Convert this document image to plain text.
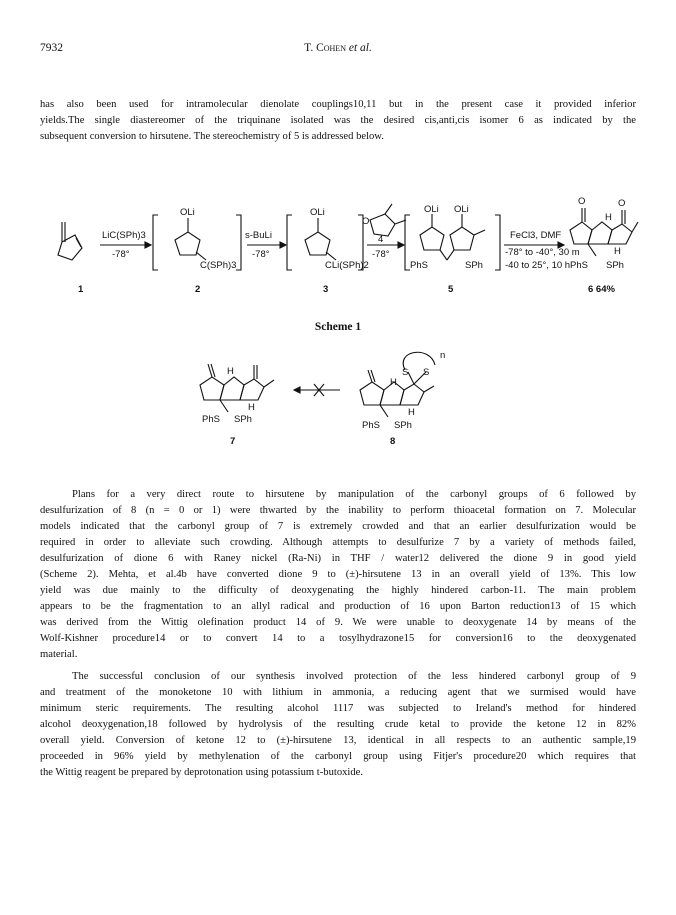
7932	T. Cohen et al.

has also been used for intramolecular dienolate couplings10,11 but in the present case it provided inferior
yields.The single diastereomer of the triquinane isolated was the desired cis,anti,cis isomer 6 as indicated by the
subsequent conversion to hirsutene. The stereochemistry of 5 is addressed below.

LiC(SPh)3
-78°
OLi
C(SPh)3
s-BuLi
-78°
OLi
CLi(SPh)2
O
4
-78°
OLi OLi
PhS	SPh
FeCl3, DMF
-78° to -40°, 30 m
-40 to 25°, 10 h
O	O
H
H
PhS SPh
1	2	3	5	6 64%
Scheme 1
H
H
PhS SPh
S S
n
H
H
PhS SPh
7	8

Plans for a very direct route to hirsutene by manipulation of the carbonyl groups of 6 followed by
desulfurization of 8 (n = 0 or 1) were thwarted by the inability to perform thioacetal formation on 7. Molecular
models indicated that the carbonyl group of 7 is extremely crowded and that an earlier desulfurization would be
required in order to alleviate such crowding. Although attempts to desulfurize 7 by a variety of methods failed,
desulfurization of dione 6 with Raney nickel (Ra-Ni) in THF / water12 delivered the dione 9 in good yield
(Scheme 2). Mehta, et al.4b have converted dione 9 to (±)-hirsutene 13 in an overall yield of 13%. This low
yield was due mainly to the difficulty of deoxygenating the highly hindered carbon-11. The main problem
appears to be the fragmentation to an allyl radical and production of 16 upon Barton reduction13 of 15 which
was derived from the Wittig olefination product 14 of 9. We were unable to deoxygenate 14 by means of the
Wolf-Kishner procedure14 or to convert 14 to a tosylhydrazone15 for conversion16 to the deoxygenated
material.

The successful conclusion of our synthesis involved protection of the less hindered carbonyl group of 9
and treatment of the monoketone 10 with lithium in ammonia, a reducing agent that we surmised would have
minimum steric requirements. The resulting alcohol 1117 was subjected to Ireland's method for hindered
alcohol deoxygenation,18 followed by hydrolysis of the resulting crude ketal to provide the ketone 12 in 82%
overall yield. Conversion of ketone 12 to (±)-hirsutene 13, identical in all respects to an authentic sample,19
proceeded in 96% yield by methylenation of the carbonyl group using Fitjer's procedure20 which requires that
the Wittig reagent be prepared by deprotonation using potassium t-butoxide.
